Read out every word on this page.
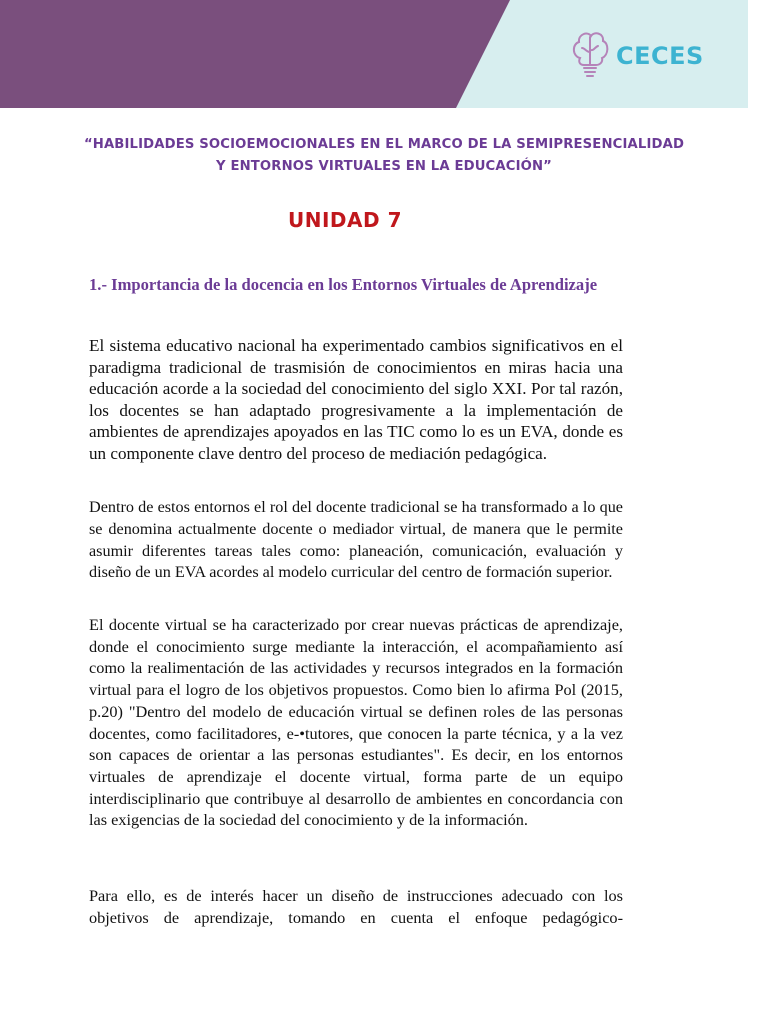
CECES
“HABILIDADES SOCIOEMOCIONALES EN EL MARCO DE LA SEMIPRESENCIALIDAD Y ENTORNOS VIRTUALES EN LA EDUCACIÓN”
UNIDAD 7
1.- Importancia de la docencia en los Entornos Virtuales de Aprendizaje

El sistema educativo nacional ha experimentado cambios significativos en el paradigma tradicional de trasmisión de conocimientos en miras hacia una educación acorde a la sociedad del conocimiento del siglo XXI. Por tal razón, los docentes se han adaptado progresivamente a la implementación de ambientes de aprendizajes apoyados en las TIC como lo es un EVA, donde es un componente clave dentro del proceso de mediación pedagógica.

Dentro de estos entornos el rol del docente tradicional se ha transformado a lo que se denomina actualmente docente o mediador virtual, de manera que le permite asumir diferentes tareas tales como: planeación, comunicación, evaluación y diseño de un EVA acordes al modelo curricular del centro de formación superior.

El docente virtual se ha caracterizado por crear nuevas prácticas de aprendizaje, donde el conocimiento surge mediante la interacción, el acompañamiento así como la realimentación de las actividades y recursos integrados en la formación virtual para el logro de los objetivos propuestos. Como bien lo afirma Pol (2015, p.20) "Dentro del modelo de educación virtual se definen roles de las personas docentes, como facilitadores, e-•tutores, que conocen la parte técnica, y a la vez son capaces de orientar a las personas estudiantes". Es decir, en los entornos virtuales de aprendizaje el docente virtual, forma parte de un equipo interdisciplinario que contribuye al desarrollo de ambientes en concordancia con las exigencias de la sociedad del conocimiento y de la información.

Para ello, es de interés hacer un diseño de instrucciones adecuado con los objetivos de aprendizaje, tomando en cuenta el enfoque pedagógico-
